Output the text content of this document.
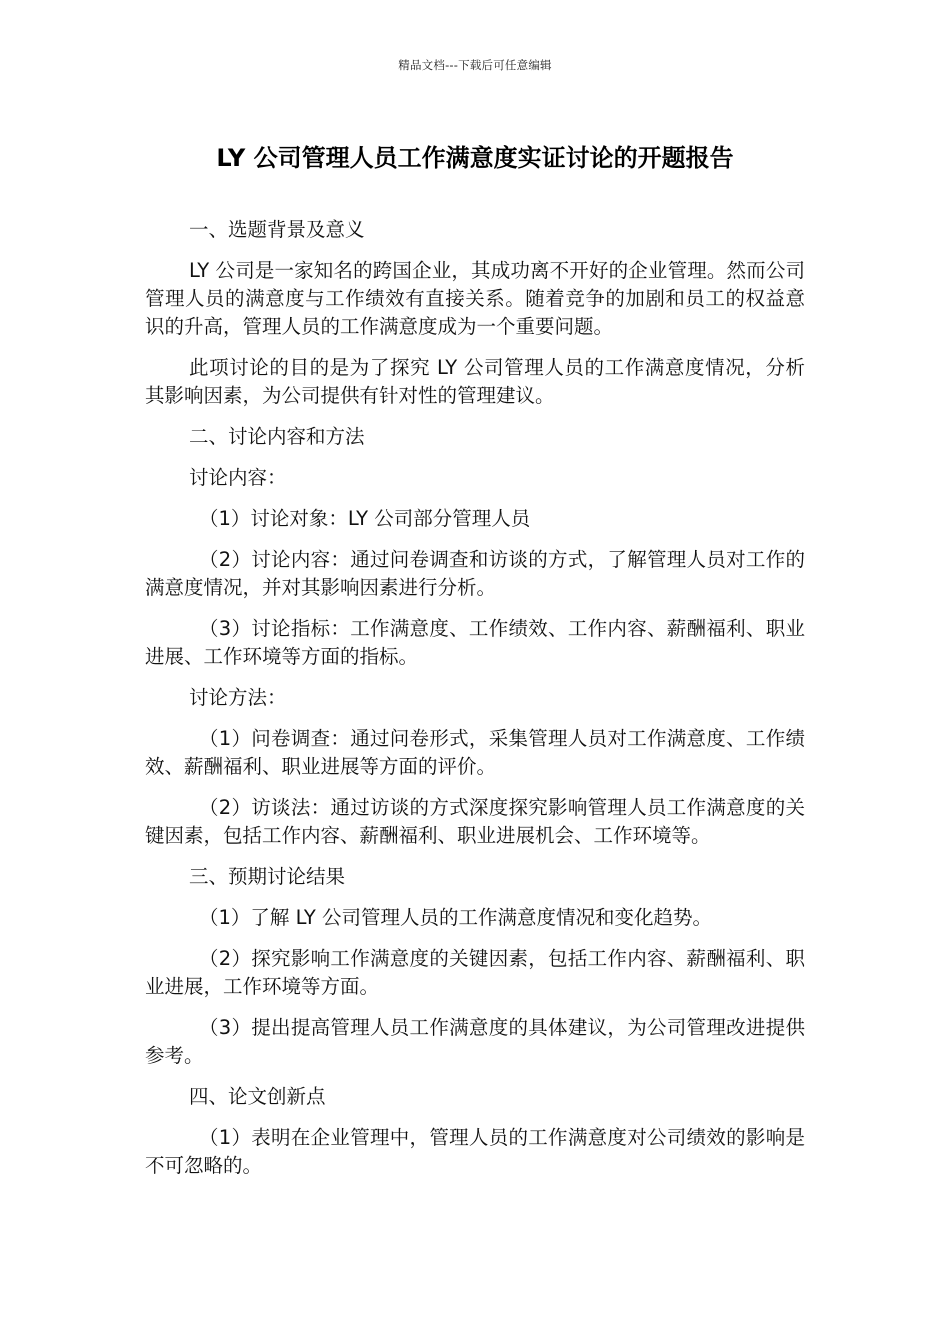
精品文档---下载后可任意编辑
LY 公司管理人员工作满意度实证讨论的开题报告

一、选题背景及意义

LY 公司是一家知名的跨国企业，其成功离不开好的企业管理。然而公司管理人员的满意度与工作绩效有直接关系。随着竞争的加剧和员工的权益意识的升高，管理人员的工作满意度成为一个重要问题。

此项讨论的目的是为了探究 LY 公司管理人员的工作满意度情况，分析其影响因素，为公司提供有针对性的管理建议。

二、讨论内容和方法

讨论内容：

（1）讨论对象：LY 公司部分管理人员

（2）讨论内容：通过问卷调查和访谈的方式，了解管理人员对工作的满意度情况，并对其影响因素进行分析。

（3）讨论指标：工作满意度、工作绩效、工作内容、薪酬福利、职业进展、工作环境等方面的指标。

讨论方法：

（1）问卷调查：通过问卷形式，采集管理人员对工作满意度、工作绩效、薪酬福利、职业进展等方面的评价。

（2）访谈法：通过访谈的方式深度探究影响管理人员工作满意度的关键因素，包括工作内容、薪酬福利、职业进展机会、工作环境等。

三、预期讨论结果

（1）了解 LY 公司管理人员的工作满意度情况和变化趋势。

（2）探究影响工作满意度的关键因素，包括工作内容、薪酬福利、职业进展，工作环境等方面。

（3）提出提高管理人员工作满意度的具体建议，为公司管理改进提供参考。

四、论文创新点

（1）表明在企业管理中，管理人员的工作满意度对公司绩效的影响是不可忽略的。
